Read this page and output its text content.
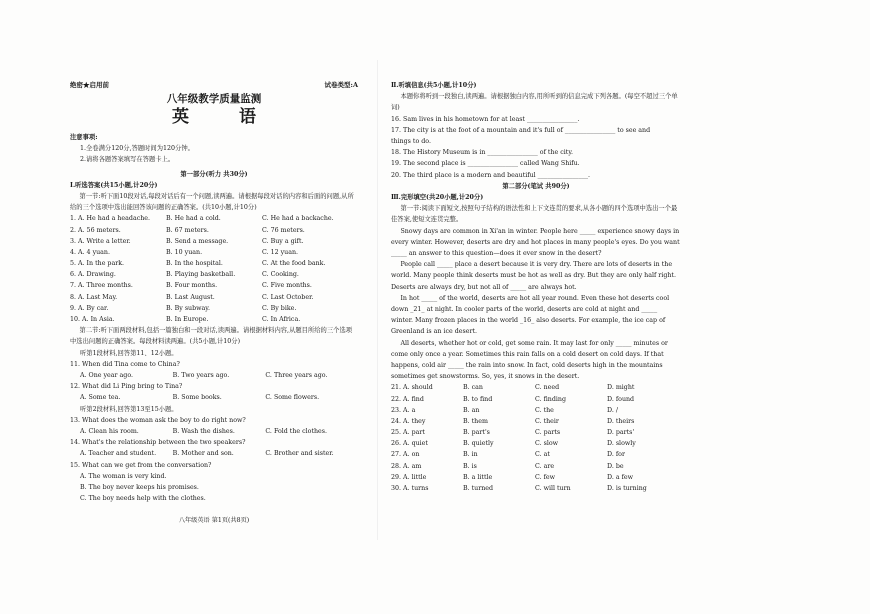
绝密★启用前	试卷类型:A
八年级教学质量监测
英 语
注意事项:
1.全卷满分120分,答题时间为120分钟。
2.请将各题答案填写在答题卡上。
第一部分(听力 共30分)
Ⅰ.听选答案(共15小题,计20分)
第一节:听下面10段对话,每段对话后有一个问题,读两遍。请根据每段对话的内容和后面的问题,从所给的三个选项中选出能回答该问题的正确答案。(共10小题,计10分)
1. A. He had a headache.	B. He had a cold.	C. He had a backache.
2. A. 56 meters.	B. 67 meters.	C. 76 meters.
3. A. Write a letter.	B. Send a message.	C. Buy a gift.
4. A. 4 yuan.	B. 10 yuan.	C. 12 yuan.
5. A. In the park.	B. In the hospital.	C. At the food bank.
6. A. Drawing.	B. Playing basketball.	C. Cooking.
7. A. Three months.	B. Four months.	C. Five months.
8. A. Last May.	B. Last August.	C. Last October.
9. A. By car.	B. By subway.	C. By bike.
10. A. In Asia.	B. In Europe.	C. In Africa.
第二节:听下面两段材料,包括一篇独白和一段对话,读两遍。请根据材料内容,从题目所给的三个选项中选出问题的正确答案。每段材料读两遍。(共5小题,计10分)
听第1段材料,回答第11、12小题。
11. When did Tina come to China?
A. One year ago.	B. Two years ago.	C. Three years ago.
12. What did Li Ping bring to Tina?
A. Some tea.	B. Some books.	C. Some flowers.
听第2段材料,回答第13至15小题。
13. What does the woman ask the boy to do right now?
A. Clean his room.	B. Wash the dishes.	C. Fold the clothes.
14. What's the relationship between the two speakers?
A. Teacher and student.	B. Mother and son.	C. Brother and sister.
15. What can we get from the conversation?
A. The woman is very kind.
B. The boy never keeps his promises.
C. The boy needs help with the clothes.
八年级英语 第1页(共8页)
Ⅱ.听填信息(共5小题,计10分)
本题你将听到一段独白,读两遍。请根据独白内容,用所听到的信息完成下列各题。(每空不超过三个单词)
16. Sam lives in his hometown for at least ________________.
17. The city is at the foot of a mountain and it's full of ________________ to see and
things to do.
18. The History Museum is in ________________ of the city.
19. The second place is ________________ called Wang Shifu.
20. The third place is a modern and beautiful ________________.
第二部分(笔试 共90分)
Ⅲ.完形填空(共20小题,计20分)
第一节:阅读下面短文,按照句子结构的语法性和上下文连贯的要求,从各小题的四个选项中选出一个最佳答案,使短文连贯完整。
Snowy days are common in Xi'an in winter. People here _____ experience snowy days in every winter. However, deserts are dry and hot places in many people's eyes. Do you want _____ an answer to this question—does it ever snow in the desert?
People call _____ place a desert because it is very dry. There are lots of deserts in the world. Many people think deserts must be hot as well as dry. But they are only half right. Deserts are always dry, but not all of _____ are always hot.
In hot _____ of the world, deserts are hot all year round. Even these hot deserts cool down _21_ at night. In cooler parts of the world, deserts are cold at night and _____ winter. Many frozen places in the world _16_ also deserts. For example, the ice cap of Greenland is an ice desert.
All deserts, whether hot or cold, get some rain. It may last for only _____ minutes or come only once a year. Sometimes this rain falls on a cold desert on cold days. If that happens, cold air _____ the rain into snow. In fact, cold deserts high in the mountains sometimes get snowstorms. So, yes, it snows in the desert.
21. A. should	B. can	C. need	D. might
22. A. find	B. to find	C. finding	D. found
23. A. a	B. an	C. the	D. /
24. A. they	B. them	C. their	D. theirs
25. A. part	B. part's	C. parts	D. parts'
26. A. quiet	B. quietly	C. slow	D. slowly
27. A. on	B. in	C. at	D. for
28. A. am	B. is	C. are	D. be
29. A. little	B. a little	C. few	D. a few
30. A. turns	B. turned	C. will turn	D. is turning
